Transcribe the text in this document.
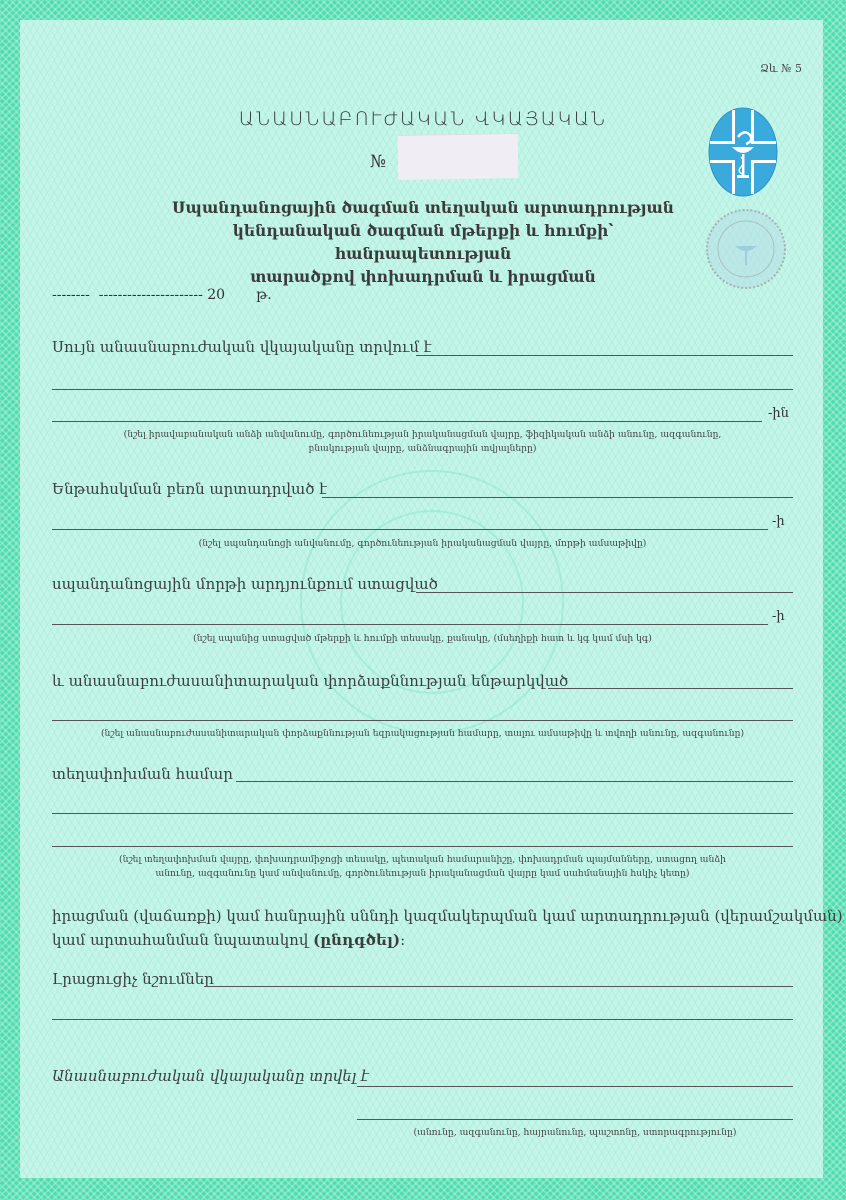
Ձև № 5
ԱՆԱՍՆԱԲՈՒԺԱԿԱՆ ՎԿԱՅԱԿԱՆ
№
Սպանդանոցային ծագման տեղական արտադրության
կենդանական ծագման մթերքի և հումքի՝ հանրապետության
տարածքով փոխադրման և իրացման
--------  ---------------------- 20       թ.
Սույն անասնաբուժական վկայականը տրվում է
-ին
(նշել իրավաբանական անձի անվանումը, գործունեության իրականացման վայրը, ֆիզիկական անձի անունը, ազգանունը,
բնակության վայրը, անձնագրային տվյալները)
Ենթահսկման բեռն արտադրված է
-ի
(նշել սպանդանոցի անվանումը, գործունեության իրականացման վայրը, մորթի ամսաթիվը)
սպանդանոցային մորթի արդյունքում ստացված
-ի
(նշել սպանից ստացված մթերքի և հումքի տեսակը, քանակը, (մսեղիքի հատ և կգ կամ մսի կգ)
և անասնաբուժասանիտարական փորձաքննության ենթարկված
(նշել անասնաբուժասանիտարական փորձաքննության եզրակացության համարը, տալու ամսաթիվը և տվողի անունը, ազգանունը)
տեղափոխման համար
(նշել տեղափոխման վայրը, փոխադրամիջոցի տեսակը, պետական համարանիշը, փոխադրման պայմանները, ստացող անձի
անունը, ազգանունը կամ անվանումը, գործունեության իրականացման վայրը կամ սահմանային հսկիչ կետը)
իրացման (վաճառքի) կամ հանրային սննդի կազմակերպման կամ արտադրության (վերամշակման)
կամ արտահանման նպատակով (ընդգծել):
Լրացուցիչ նշումներ
Անասնաբուժական վկայականը տրվել է
(անունը, ազգանունը, հայրանունը, պաշտոնը, ստորագրությունը)
